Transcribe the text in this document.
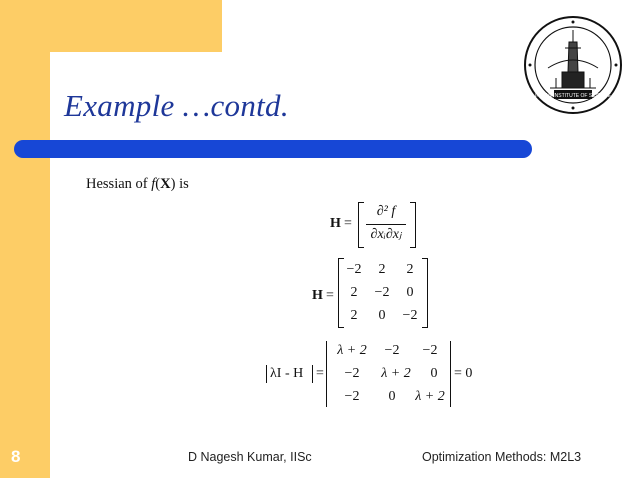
Example …contd.	INDIAN INSTITUTE OF SCIENCE
Hessian of f(X) is
H =
∂² f
∂xᵢ∂xⱼ
H =
−2	2	2
2	−2	0
2	0	−2
λI - H =
λ + 2	−2	−2
−2	λ + 2	0
−2	0	λ + 2
= 0
8	D Nagesh Kumar, IISc	Optimization Methods: M2L3
